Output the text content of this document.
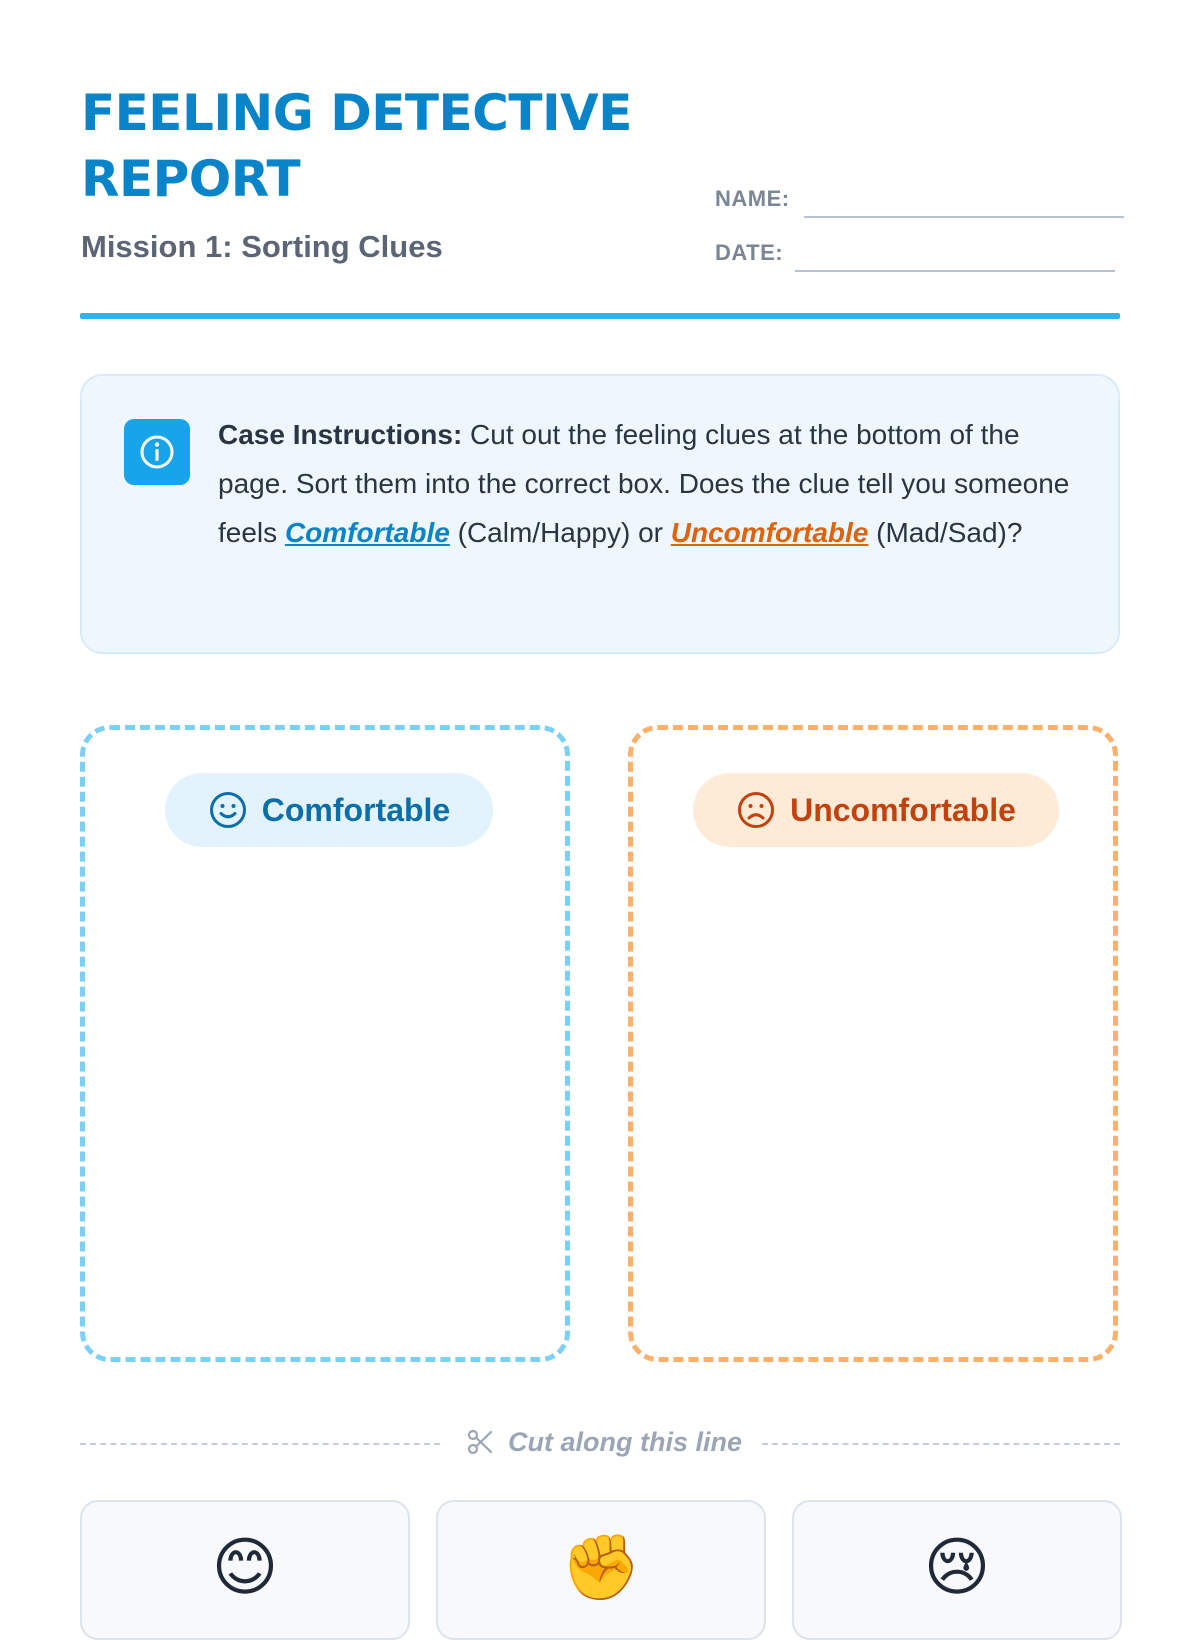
FEELING DETECTIVE REPORT

Mission 1: Sorting Clues

NAME:
DATE:
Case Instructions: Cut out the feeling clues at the bottom of the page. Sort them into the correct box. Does the clue tell you someone feels Comfortable (Calm/Happy) or Uncomfortable (Mad/Sad)?
Comfortable	Uncomfortable
Cut along this line
😊	✊	😢
